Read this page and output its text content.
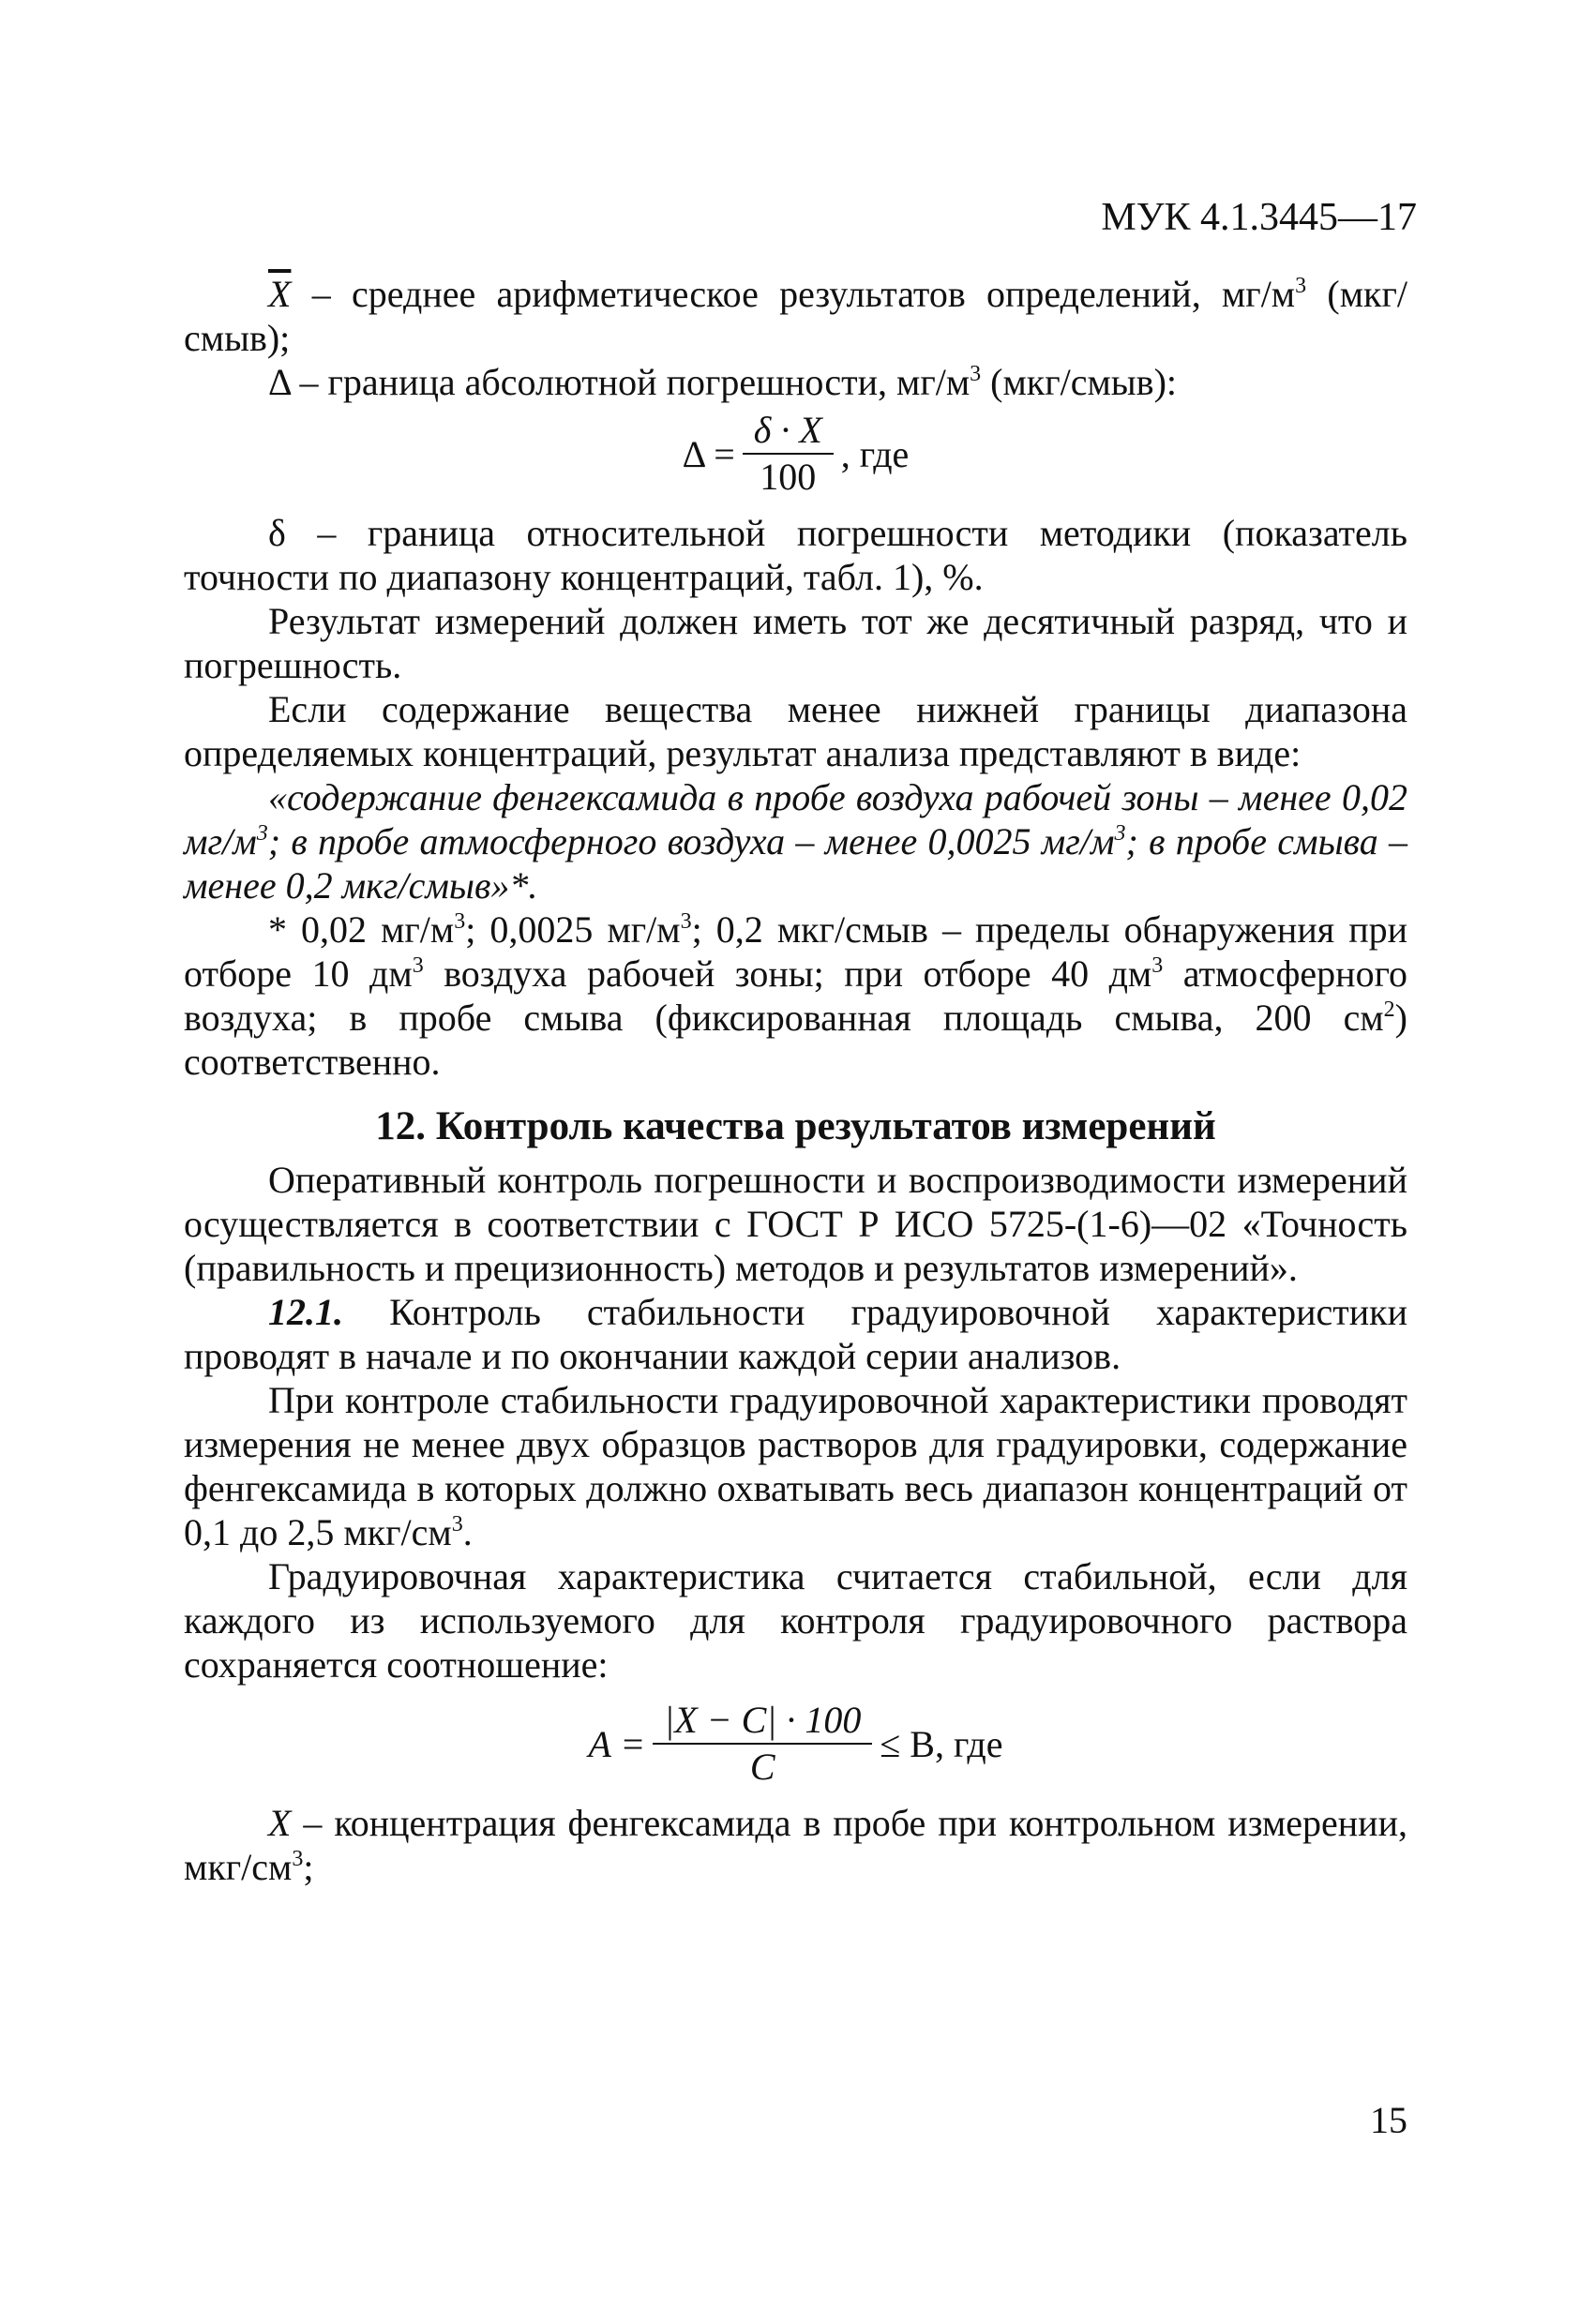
МУК 4.1.3445—17

$\overline{X}$ – среднее арифметическое результатов определений, $мг/м^3$ (мкг/смыв);

Δ – граница абсолютной погрешности, $мг/м^3$ (мкг/смыв):

$\Delta = \frac{\delta \cdot X}{100}$ , где

δ – граница относительной погрешности методики (показатель точности по диапазону концентраций, табл. 1), %.

Результат измерений должен иметь тот же десятичный разряд, что и погрешность.

Если содержание вещества менее нижней границы диапазона определяемых концентраций, результат анализа представляют в виде:

«содержание фенгексамида в пробе воздуха рабочей зоны – менее 0,02 $мг/м^3$; в пробе атмосферного воздуха – менее 0,0025 $мг/м^3$; в пробе смыва – менее 0,2 мкг/смыв»*.

* 0,02 $мг/м^3$; 0,0025 $мг/м^3$; 0,2 мкг/смыв – пределы обнаружения при отборе 10 $дм^3$ воздуха рабочей зоны; при отборе 40 $дм^3$ атмосферного воздуха; в пробе смыва (фиксированная площадь смыва, 200 $см^2$) соответственно.

12. Контроль качества результатов измерений

Оперативный контроль погрешности и воспроизводимости измерений осуществляется в соответствии с ГОСТ Р ИСО 5725-(1-6)—02 «Точность (правильность и прецизионность) методов и результатов измерений».

12.1. Контроль стабильности градуировочной характеристики проводят в начале и по окончании каждой серии анализов.

При контроле стабильности градуировочной характеристики проводят измерения не менее двух образцов растворов для градуировки, содержание фенгексамида в которых должно охватывать весь диапазон концентраций от 0,1 до 2,5 мкг/$см^3$.

Градуировочная характеристика считается стабильной, если для каждого из используемого для контроля градуировочного раствора сохраняется соотношение:

$A = \frac{|X - C| \cdot 100}{C} \le B$, где

X – концентрация фенгексамида в пробе при контрольном измерении, мкг/$см^3$;

15
